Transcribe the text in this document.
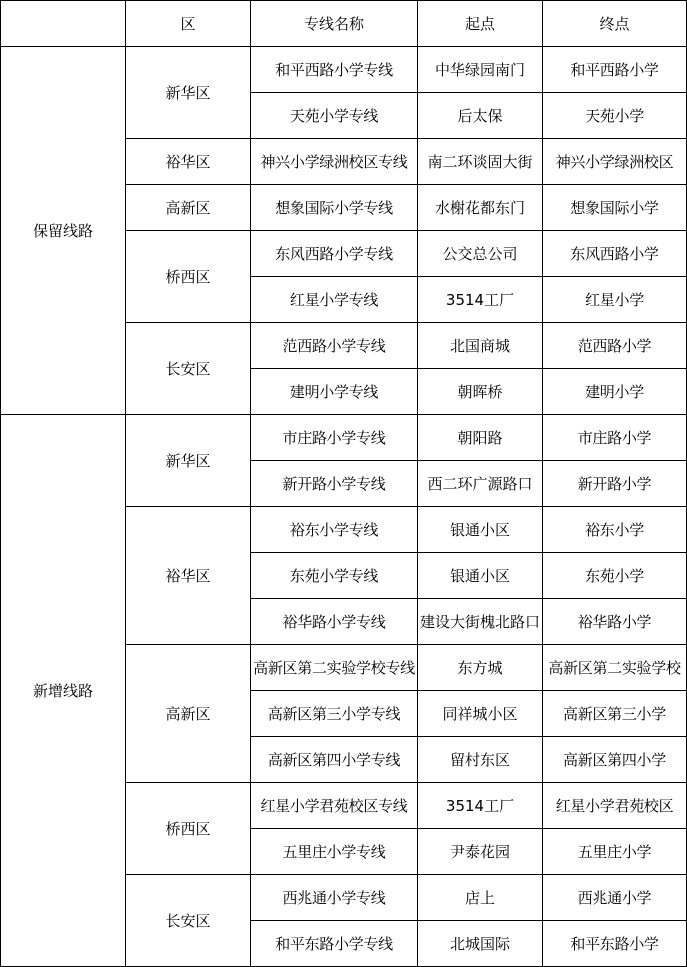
	区	专线名称	起点	终点
保留线路	新华区	和平西路小学专线	中华绿园南门	和平西路小学
		天苑小学专线	后太保	天苑小学
	裕华区	神兴小学绿洲校区专线	南二环谈固大街	神兴小学绿洲校区
	高新区	想象国际小学专线	水榭花都东门	想象国际小学
	桥西区	东风西路小学专线	公交总公司	东风西路小学
		红星小学专线	3514工厂	红星小学
	长安区	范西路小学专线	北国商城	范西路小学
		建明小学专线	朝晖桥	建明小学
新增线路	新华区	市庄路小学专线	朝阳路	市庄路小学
		新开路小学专线	西二环广源路口	新开路小学
	裕华区	裕东小学专线	银通小区	裕东小学
		东苑小学专线	银通小区	东苑小学
		裕华路小学专线	建设大街槐北路口	裕华路小学
	高新区	高新区第二实验学校专线	东方城	高新区第二实验学校
		高新区第三小学专线	同祥城小区	高新区第三小学
		高新区第四小学专线	留村东区	高新区第四小学
	桥西区	红星小学君苑校区专线	3514工厂	红星小学君苑校区
		五里庄小学专线	尹泰花园	五里庄小学
	长安区	西兆通小学专线	店上	西兆通小学
		和平东路小学专线	北城国际	和平东路小学
